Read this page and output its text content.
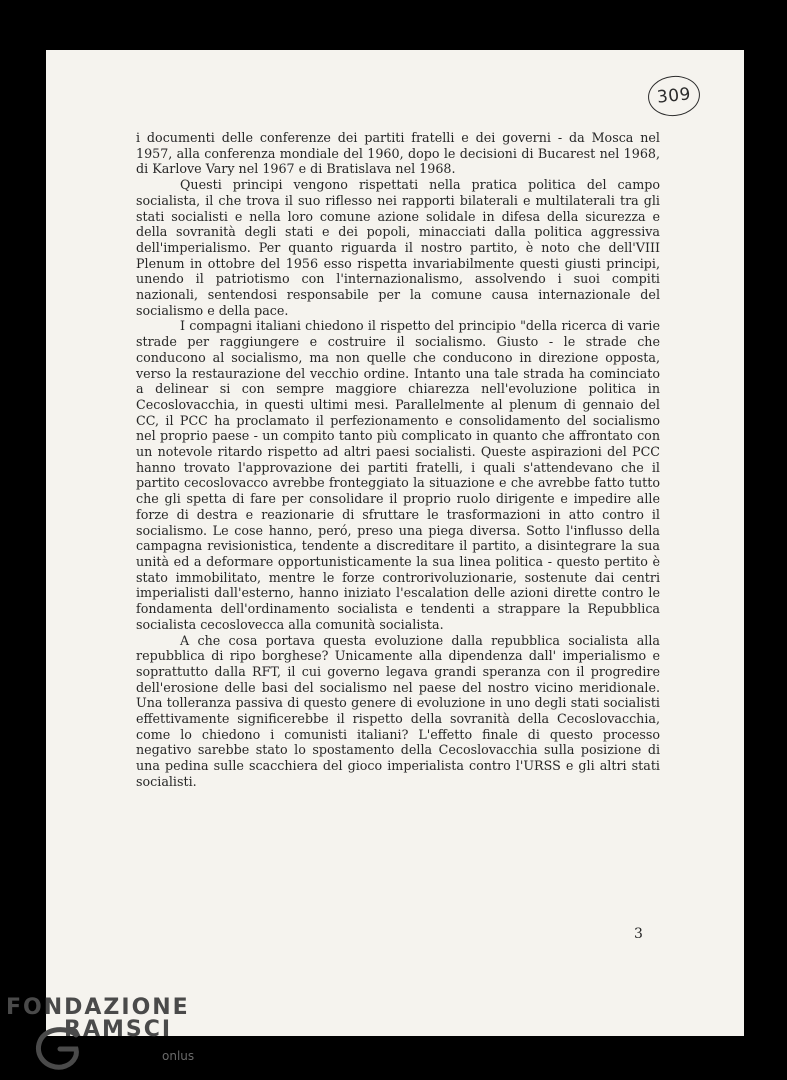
309

i documenti delle conferenze dei partiti fratelli e dei governi - da Mosca nel 1957, alla conferenza mondiale del 1960, dopo le decisioni di Bucarest nel 1968, di Karlove Vary nel 1967 e di Bratislava nel 1968.

Questi principi vengono rispettati nella pratica politica del campo socialista, il che trova il suo riflesso nei rapporti bilaterali e multilaterali tra gli stati socialisti e nella loro comune azione solidale in difesa della sicurezza e della sovranità degli stati e dei popoli, minacciati dalla politica aggressiva dell'imperialismo. Per quanto riguarda il nostro partito, è noto che dell'VIII Plenum in ottobre del 1956 esso rispetta invariabilmente questi giusti principi, unendo il patriotismo con l'internazionalismo, assolvendo i suoi compiti nazionali, sentendosi responsabile per la comune causa internazionale del socialismo e della pace.

I compagni italiani chiedono il rispetto del principio "della ricerca di varie strade per raggiungere e costruire il socialismo. Giusto - le strade che conducono al socialismo, ma non quelle che conducono in direzione opposta, verso la restaurazione del vecchio ordine. Intanto una tale strada ha cominciato a delinear si con sempre maggiore chiarezza nell'evoluzione politica in Cecoslovacchia, in questi ultimi mesi. Parallelmente al plenum di gennaio del CC, il PCC ha proclamato il perfezionamento e consolidamento del socialismo nel proprio paese - un compito tanto più complicato in quanto che affrontato con un notevole ritardo rispetto ad altri paesi socialisti. Queste aspirazioni del PCC hanno trovato l'approvazione dei partiti fratelli, i quali s'attendevano che il partito cecoslovacco avrebbe fronteggiato la situazione e che avrebbe fatto tutto che gli spetta di fare per consolidare il proprio ruolo dirigente e impedire alle forze di destra e reazionarie di sfruttare le trasformazioni in atto contro il socialismo. Le cose hanno, peró, preso una piega diversa. Sotto l'influsso della campagna revisionistica, tendente a discreditare il partito, a disintegrare la sua unità ed a deformare opportunisticamente la sua linea politica - questo pertito è stato immobilitato, mentre le forze controrivoluzionarie, sostenute dai centri imperialisti dall'esterno, hanno iniziato l'escalation delle azioni dirette contro le fondamenta dell'ordinamento socialista e tendenti a strappare la Repubblica socialista cecoslovecca alla comunità socialista.

A che cosa portava questa evoluzione dalla repubblica socialista alla repubblica di ripo borghese? Unicamente alla dipendenza dall' imperialismo e soprattutto dalla RFT, il cui governo legava grandi speranza con il progredire dell'erosione delle basi del socialismo nel paese del nostro vicino meridionale. Una tolleranza passiva di questo genere di evoluzione in uno degli stati socialisti effettivamente significerebbe il rispetto della sovranità della Cecoslovacchia, come lo chiedono i comunisti italiani? L'effetto finale di questo processo negativo sarebbe stato lo spostamento della Cecoslovacchia sulla posizione di una pedina sulle scacchiera del gioco imperialista contro l'URSS e gli altri stati socialisti.

3
FONDAZIONE
RAMSCI
onlus
